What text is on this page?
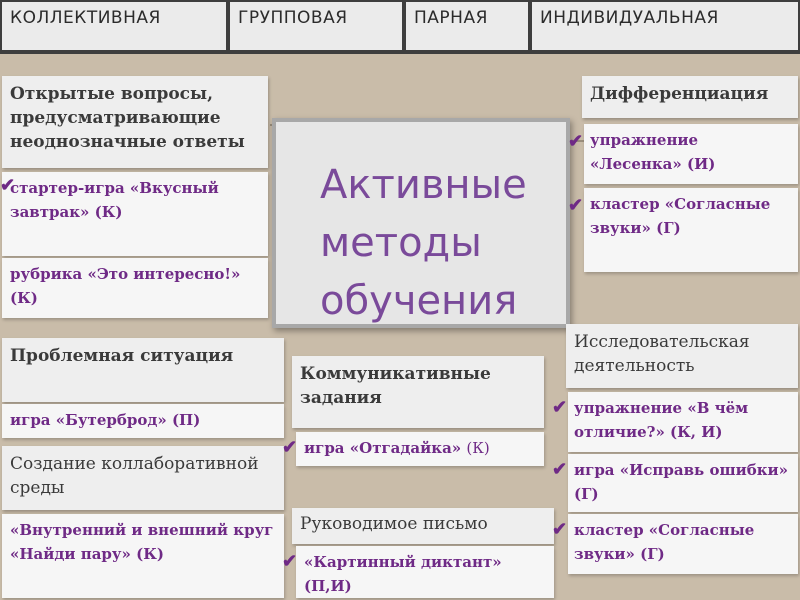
КОЛЛЕКТИВНАЯ	ГРУППОВАЯ	ПАРНАЯ	ИНДИВИДУАЛЬНАЯ
Активные
методы
обучения
Открытые вопросы, предусматривающие неоднозначные ответы
✔
стартер-игра «Вкусный завтрак» (К)
рубрика «Это интересно!» (К)
Дифференциация
✔ упражнение «Лесенка» (И)
✔ кластер «Согласные звуки» (Г)
Проблемная ситуация
игра «Бутерброд» (П)
Создание коллаборативной среды
«Внутренний и внешний круг «Найди пару» (К)
Коммуникативные задания
✔ игра «Отгадайка» (К)
Руководимое письмо
✔ «Картинный диктант» (П,И)
Исследовательская деятельность
✔ упражнение «В чём отличие?» (К, И)
✔ игра «Исправь ошибки» (Г)
✔ кластер «Согласные звуки» (Г)
